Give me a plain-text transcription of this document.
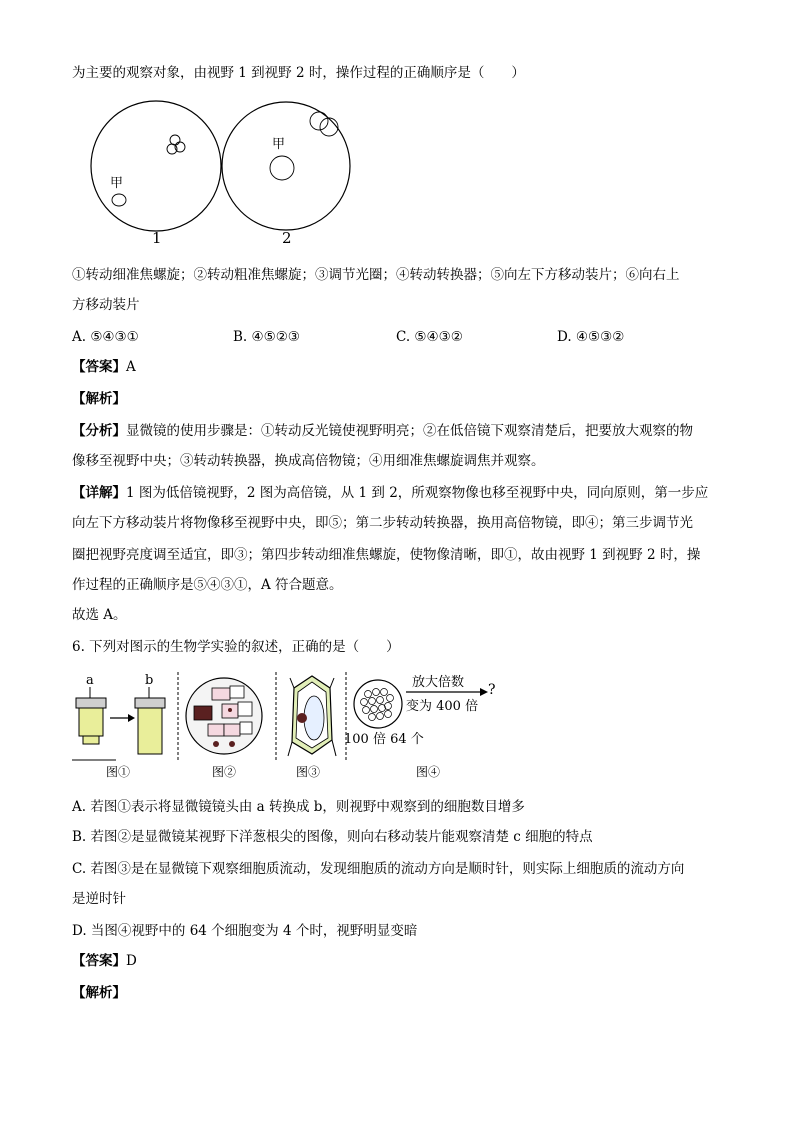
为主要的观察对象，由视野 1 到视野 2 时，操作过程的正确顺序是（　　）
甲
1
甲
2
①转动细准焦螺旋；②转动粗准焦螺旋；③调节光圈；④转动转换器；⑤向左下方移动装片；⑥向右上
方移动装片
A. ⑤④③①	B. ④⑤②③	C. ⑤④③②	D. ④⑤③②
【答案】A
【解析】
【分析】显微镜的使用步骤是：①转动反光镜使视野明亮；②在低倍镜下观察清楚后，把要放大观察的物
像移至视野中央；③转动转换器，换成高倍物镜；④用细准焦螺旋调焦并观察。
【详解】1 图为低倍镜视野，2 图为高倍镜，从 1 到 2，所观察物像也移至视野中央，同向原则，第一步应
向左下方移动装片将物像移至视野中央，即⑤；第二步转动转换器，换用高倍物镜，即④；第三步调节光
圈把视野亮度调至适宜，即③；第四步转动细准焦螺旋，使物像清晰，即①，故由视野 1 到视野 2 时，操
作过程的正确顺序是⑤④③①，A 符合题意。
故选 A。
6. 下列对图示的生物学实验的叙述，正确的是（　　）
a	b	放大倍数 ?
变为 400 倍
100 倍 64 个
图①	图②	图③	图④
A. 若图①表示将显微镜镜头由 a 转换成 b，则视野中观察到的细胞数目增多
B. 若图②是显微镜某视野下洋葱根尖的图像，则向右移动装片能观察清楚 c 细胞的特点
C. 若图③是在显微镜下观察细胞质流动，发现细胞质的流动方向是顺时针，则实际上细胞质的流动方向
是逆时针
D. 当图④视野中的 64 个细胞变为 4 个时，视野明显变暗
【答案】D
【解析】
